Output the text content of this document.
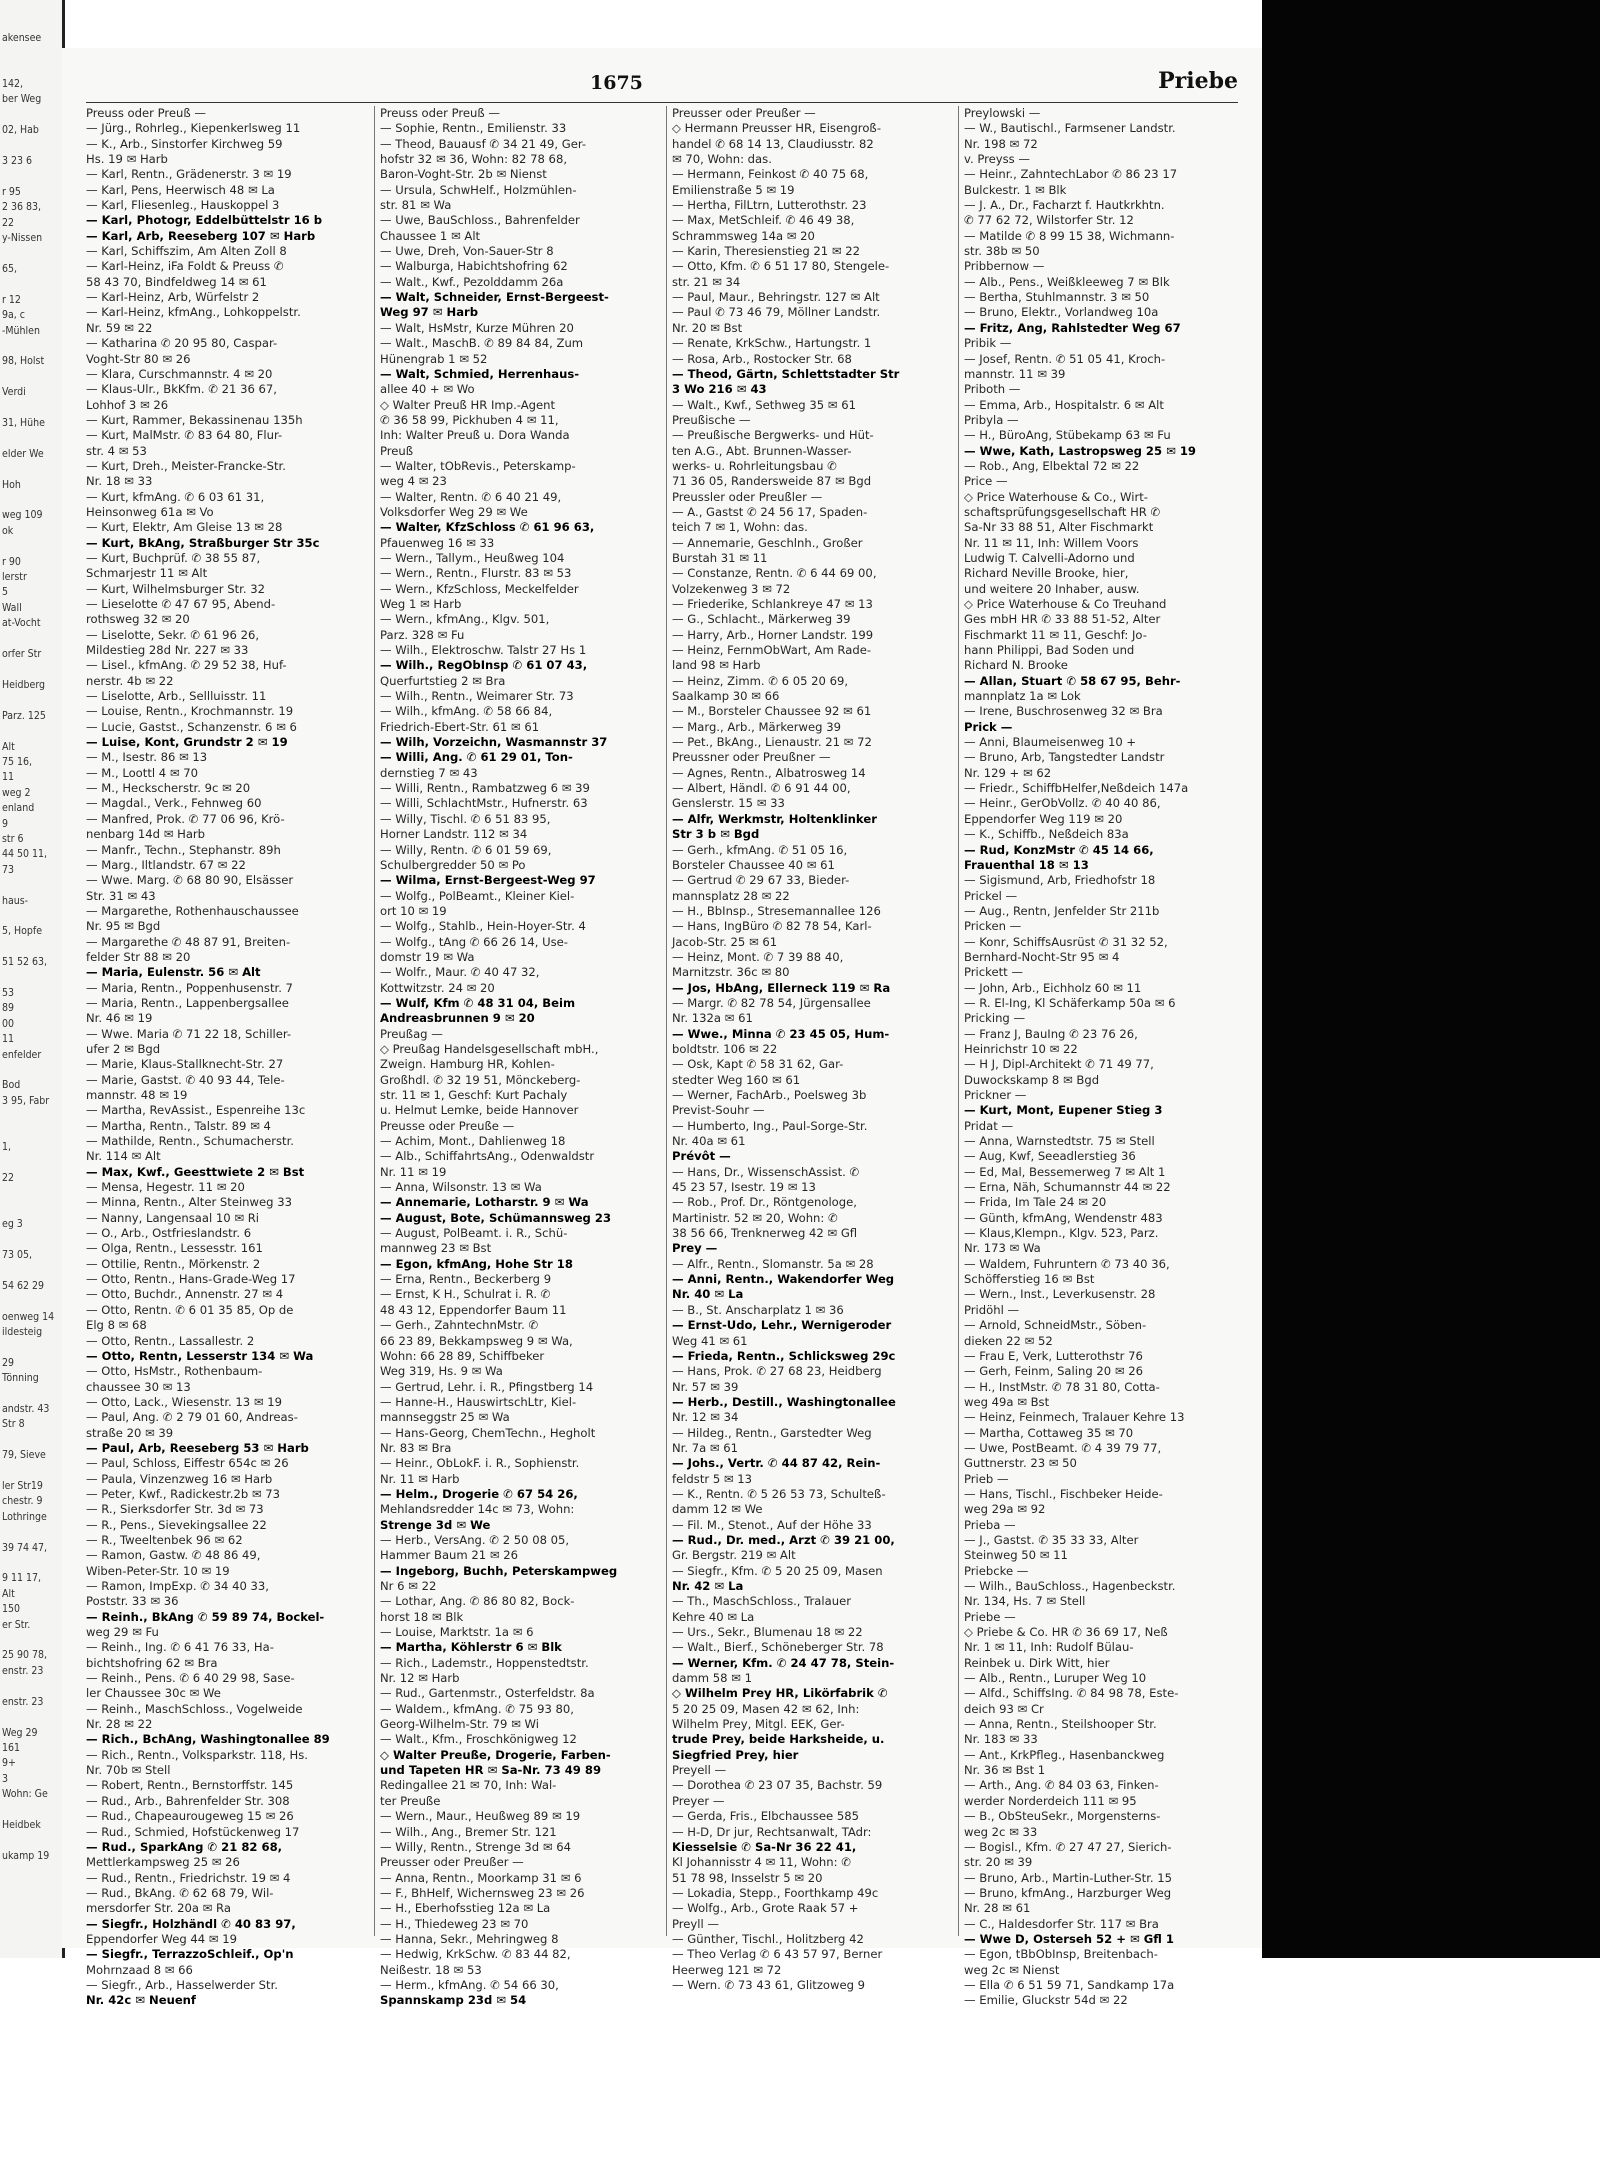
akensee

142,
ber Weg

02, Hab

3 23 6

r 95
2 36 83,
22
y-Nissen

65,

r 12
9a, c
-Mühlen

98, Holst

Verdi

31, Hühe

elder We

Hoh

weg 109
ok

r 90
lerstr
5
Wall
at-Vocht

orfer Str

Heidberg

Parz. 125

Alt
75 16,
11
weg 2
enland
9
str 6
44 50 11,
73

haus-

5, Hopfe

51 52 63,

53
89
00
11
enfelder

Bod
3 95, Fabr

1,

22

eg 3

73 05,

54 62 29

oenweg 14
ildesteig

29
Tönning

andstr. 43
Str 8

79, Sieve

ler Str19
chestr. 9
Lothringe

39 74 47,

9 11 17,
Alt
150
er Str.

25 90 78,
enstr. 23

enstr. 23

Weg 29
161
9+
3
Wohn: Ge

Heidbek

ukamp 19
1675	Priebe
Preuss oder Preuß —
— Jürg., Rohrleg., Kiepenkerlsweg 11
— K., Arb., Sinstorfer Kirchweg 59
Hs. 19 ✉ Harb
— Karl, Rentn., Grädenerstr. 3 ✉ 19
— Karl, Pens, Heerwisch 48 ✉ La
— Karl, Fliesenleg., Hauskoppel 3
— Karl, Photogr, Eddelbüttelstr 16 b
— Karl, Arb, Reeseberg 107 ✉ Harb
— Karl, Schiffszim, Am Alten Zoll 8
— Karl-Heinz, iFa Foldt & Preuss ✆
58 43 70, Bindfeldweg 14 ✉ 61
— Karl-Heinz, Arb, Würfelstr 2
— Karl-Heinz, kfmAng., Lohkoppelstr.
Nr. 59 ✉ 22
— Katharina ✆ 20 95 80, Caspar-
Voght-Str 80 ✉ 26
— Klara, Curschmannstr. 4 ✉ 20
— Klaus-Ulr., BkKfm. ✆ 21 36 67,
Lohhof 3 ✉ 26
— Kurt, Rammer, Bekassinenau 135h
— Kurt, MalMstr. ✆ 83 64 80, Flur-
str. 4 ✉ 53
— Kurt, Dreh., Meister-Francke-Str.
Nr. 18 ✉ 33
— Kurt, kfmAng. ✆ 6 03 61 31,
Heinsonweg 61a ✉ Vo
— Kurt, Elektr, Am Gleise 13 ✉ 28
— Kurt, BkAng, Straßburger Str 35c
— Kurt, Buchprüf. ✆ 38 55 87,
Schmarjestr 11 ✉ Alt
— Kurt, Wilhelmsburger Str. 32
— Lieselotte ✆ 47 67 95, Abend-
rothsweg 32 ✉ 20
— Liselotte, Sekr. ✆ 61 96 26,
Mildestieg 28d Nr. 227 ✉ 33
— Lisel., kfmAng. ✆ 29 52 38, Huf-
nerstr. 4b ✉ 22
— Liselotte, Arb., Sellluisstr. 11
— Louise, Rentn., Krochmannstr. 19
— Lucie, Gastst., Schanzenstr. 6 ✉ 6
— Luise, Kont, Grundstr 2 ✉ 19
— M., Isestr. 86 ✉ 13
— M., Loottl 4 ✉ 70
— M., Heckscherstr. 9c ✉ 20
— Magdal., Verk., Fehnweg 60
— Manfred, Prok. ✆ 77 06 96, Krö-
nenbarg 14d ✉ Harb
— Manfr., Techn., Stephanstr. 89h
— Marg., Iltlandstr. 67 ✉ 22
— Wwe. Marg. ✆ 68 80 90, Elsässer
Str. 31 ✉ 43
— Margarethe, Rothenhauschaussee
Nr. 95 ✉ Bgd
— Margarethe ✆ 48 87 91, Breiten-
felder Str 88 ✉ 20
— Maria, Eulenstr. 56 ✉ Alt
— Maria, Rentn., Poppenhusenstr. 7
— Maria, Rentn., Lappenbergsallee
Nr. 46 ✉ 19
— Wwe. Maria ✆ 71 22 18, Schiller-
ufer 2 ✉ Bgd
— Marie, Klaus-Stallknecht-Str. 27
— Marie, Gastst. ✆ 40 93 44, Tele-
mannstr. 48 ✉ 19
— Martha, RevAssist., Espenreihe 13c
— Martha, Rentn., Talstr. 89 ✉ 4
— Mathilde, Rentn., Schumacherstr.
Nr. 114 ✉ Alt
— Max, Kwf., Geesttwiete 2 ✉ Bst
— Mensa, Hegestr. 11 ✉ 20
— Minna, Rentn., Alter Steinweg 33
— Nanny, Langensaal 10 ✉ Ri
— O., Arb., Ostfrieslandstr. 6
— Olga, Rentn., Lessesstr. 161
— Ottilie, Rentn., Mörkenstr. 2
— Otto, Rentn., Hans-Grade-Weg 17
— Otto, Buchdr., Annenstr. 27 ✉ 4
— Otto, Rentn. ✆ 6 01 35 85, Op de
Elg 8 ✉ 68
— Otto, Rentn., Lassallestr. 2
— Otto, Rentn, Lesserstr 134 ✉ Wa
— Otto, HsMstr., Rothenbaum-
chaussee 30 ✉ 13
— Otto, Lack., Wiesenstr. 13 ✉ 19
— Paul, Ang. ✆ 2 79 01 60, Andreas-
straße 20 ✉ 39
— Paul, Arb, Reeseberg 53 ✉ Harb
— Paul, Schloss, Eiffestr 654c ✉ 26
— Paula, Vinzenzweg 16 ✉ Harb
— Peter, Kwf., Radickestr.2b ✉ 73
— R., Sierksdorfer Str. 3d ✉ 73
— R., Pens., Sievekingsallee 22
— R., Tweeltenbek 96 ✉ 62
— Ramon, Gastw. ✆ 48 86 49,
Wiben-Peter-Str. 10 ✉ 19
— Ramon, ImpExp. ✆ 34 40 33,
Poststr. 33 ✉ 36
— Reinh., BkAng ✆ 59 89 74, Bockel-
weg 29 ✉ Fu
— Reinh., Ing. ✆ 6 41 76 33, Ha-
bichtshofring 62 ✉ Bra
— Reinh., Pens. ✆ 6 40 29 98, Sase-
ler Chaussee 30c ✉ We
— Reinh., MaschSchloss., Vogelweide
Nr. 28 ✉ 22
— Rich., BchAng, Washingtonallee 89
— Rich., Rentn., Volksparkstr. 118, Hs.
Nr. 70b ✉ Stell
— Robert, Rentn., Bernstorffstr. 145
— Rud., Arb., Bahrenfelder Str. 308
— Rud., Chapeaurougeweg 15 ✉ 26
— Rud., Schmied, Hofstückenweg 17
— Rud., SparkAng ✆ 21 82 68,
Mettlerkampsweg 25 ✉ 26
— Rud., Rentn., Friedrichstr. 19 ✉ 4
— Rud., BkAng. ✆ 62 68 79, Wil-
mersdorfer Str. 20a ✉ Ra
— Siegfr., Holzhändl ✆ 40 83 97,
Eppendorfer Weg 44 ✉ 19
— Siegfr., TerrazzoSchleif., Op'n
Mohrnzaad 8 ✉ 66
— Siegfr., Arb., Hasselwerder Str.
Nr. 42c ✉ Neuenf
Preuss oder Preuß —
— Sophie, Rentn., Emilienstr. 33
— Theod, Bauausf ✆ 34 21 49, Ger-
hofstr 32 ✉ 36, Wohn: 82 78 68,
Baron-Voght-Str. 2b ✉ Nienst
— Ursula, SchwHelf., Holzmühlen-
str. 81 ✉ Wa
— Uwe, BauSchloss., Bahrenfelder
Chaussee 1 ✉ Alt
— Uwe, Dreh, Von-Sauer-Str 8
— Walburga, Habichtshofring 62
— Walt., Kwf., Pezolddamm 26a
— Walt, Schneider, Ernst-Bergeest-
Weg 97 ✉ Harb
— Walt, HsMstr, Kurze Mühren 20
— Walt., MaschB. ✆ 89 84 84, Zum
Hünengrab 1 ✉ 52
— Walt, Schmied, Herrenhaus-
allee 40 + ✉ Wo
◇ Walter Preuß HR Imp.-Agent
✆ 36 58 99, Pickhuben 4 ✉ 11,
Inh: Walter Preuß u. Dora Wanda
Preuß
— Walter, tObRevis., Peterskamp-
weg 4 ✉ 23
— Walter, Rentn. ✆ 6 40 21 49,
Volksdorfer Weg 29 ✉ We
— Walter, KfzSchloss ✆ 61 96 63,
Pfauenweg 16 ✉ 33
— Wern., Tallym., Heußweg 104
— Wern., Rentn., Flurstr. 83 ✉ 53
— Wern., KfzSchloss, Meckelfelder
Weg 1 ✉ Harb
— Wern., kfmAng., Klgv. 501,
Parz. 328 ✉ Fu
— Wilh., Elektroschw. Talstr 27 Hs 1
— Wilh., RegObInsp ✆ 61 07 43,
Querfurtstieg 2 ✉ Bra
— Wilh., Rentn., Weimarer Str. 73
— Wilh., kfmAng. ✆ 58 66 84,
Friedrich-Ebert-Str. 61 ✉ 61
— Wilh, Vorzeichn, Wasmannstr 37
— Willi, Ang. ✆ 61 29 01, Ton-
dernstieg 7 ✉ 43
— Willi, Rentn., Rambatzweg 6 ✉ 39
— Willi, SchlachtMstr., Hufnerstr. 63
— Willy, Tischl. ✆ 6 51 83 95,
Horner Landstr. 112 ✉ 34
— Willy, Rentn. ✆ 6 01 59 69,
Schulbergredder 50 ✉ Po
— Wilma, Ernst-Bergeest-Weg 97
— Wolfg., PolBeamt., Kleiner Kiel-
ort 10 ✉ 19
— Wolfg., Stahlb., Hein-Hoyer-Str. 4
— Wolfg., tAng ✆ 66 26 14, Use-
domstr 19 ✉ Wa
— Wolfr., Maur. ✆ 40 47 32,
Kottwitzstr. 24 ✉ 20
— Wulf, Kfm ✆ 48 31 04, Beim
Andreasbrunnen 9 ✉ 20
Preußag —
◇ Preußag Handelsgesellschaft mbH.,
Zweign. Hamburg HR, Kohlen-
Großhdl. ✆ 32 19 51, Mönckeberg-
str. 11 ✉ 1, Geschf: Kurt Pachaly
u. Helmut Lemke, beide Hannover
Preusse oder Preuße —
— Achim, Mont., Dahlienweg 18
— Alb., SchiffahrtsAng., Odenwaldstr
Nr. 11 ✉ 19
— Anna, Wilsonstr. 13 ✉ Wa
— Annemarie, Lotharstr. 9 ✉ Wa
— August, Bote, Schümannsweg 23
— August, PolBeamt. i. R., Schü-
mannweg 23 ✉ Bst
— Egon, kfmAng, Hohe Str 18
— Erna, Rentn., Beckerberg 9
— Ernst, K H., Schulrat i. R. ✆
48 43 12, Eppendorfer Baum 11
— Gerh., ZahntechnMstr. ✆
66 23 89, Bekkampsweg 9 ✉ Wa,
Wohn: 66 28 89, Schiffbeker
Weg 319, Hs. 9 ✉ Wa
— Gertrud, Lehr. i. R., Pfingstberg 14
— Hanne-H., HauswirtschLtr, Kiel-
mannseggstr 25 ✉ Wa
— Hans-Georg, ChemTechn., Hegholt
Nr. 83 ✉ Bra
— Heinr., ObLokF. i. R., Sophienstr.
Nr. 11 ✉ Harb
— Helm., Drogerie ✆ 67 54 26,
Mehlandsredder 14c ✉ 73, Wohn:
Strenge 3d ✉ We
— Herb., VersAng. ✆ 2 50 08 05,
Hammer Baum 21 ✉ 26
— Ingeborg, Buchh, Peterskampweg
Nr 6 ✉ 22
— Lothar, Ang. ✆ 86 80 82, Bock-
horst 18 ✉ Blk
— Louise, Marktstr. 1a ✉ 6
— Martha, Köhlerstr 6 ✉ Blk
— Rich., Lademstr., Hoppenstedtstr.
Nr. 12 ✉ Harb
— Rud., Gartenmstr., Osterfeldstr. 8a
— Waldem., kfmAng. ✆ 75 93 80,
Georg-Wilhelm-Str. 79 ✉ Wi
— Walt., Kfm., Froschkönigweg 12
◇ Walter Preuße, Drogerie, Farben-
und Tapeten HR ✉ Sa-Nr. 73 49 89
Redingallee 21 ✉ 70, Inh: Wal-
ter Preuße
— Wern., Maur., Heußweg 89 ✉ 19
— Wilh., Ang., Bremer Str. 121
— Willy, Rentn., Strenge 3d ✉ 64
Preusser oder Preußer —
— Anna, Rentn., Moorkamp 31 ✉ 6
— F., BhHelf, Wichernsweg 23 ✉ 26
— H., Eberhofsstieg 12a ✉ La
— H., Thiedeweg 23 ✉ 70
— Hanna, Sekr., Mehringweg 8
— Hedwig, KrkSchw. ✆ 83 44 82,
Neißestr. 18 ✉ 53
— Herm., kfmAng. ✆ 54 66 30,
Spannskamp 23d ✉ 54
Preusser oder Preußer —
◇ Hermann Preusser HR, Eisengroß-
handel ✆ 68 14 13, Claudiusstr. 82
✉ 70, Wohn: das.
— Hermann, Feinkost ✆ 40 75 68,
Emilienstraße 5 ✉ 19
— Hertha, FilLtrn, Lutterothstr. 23
— Max, MetSchleif. ✆ 46 49 38,
Schrammsweg 14a ✉ 20
— Karin, Theresienstieg 21 ✉ 22
— Otto, Kfm. ✆ 6 51 17 80, Stengele-
str. 21 ✉ 34
— Paul, Maur., Behringstr. 127 ✉ Alt
— Paul ✆ 73 46 79, Möllner Landstr.
Nr. 20 ✉ Bst
— Renate, KrkSchw., Hartungstr. 1
— Rosa, Arb., Rostocker Str. 68
— Theod, Gärtn, Schlettstadter Str
3 Wo 216 ✉ 43
— Walt., Kwf., Sethweg 35 ✉ 61
Preußische —
— Preußische Bergwerks- und Hüt-
ten A.G., Abt. Brunnen-Wasser-
werks- u. Rohrleitungsbau ✆
71 36 05, Randersweide 87 ✉ Bgd
Preussler oder Preußler —
— A., Gastst ✆ 24 56 17, Spaden-
teich 7 ✉ 1, Wohn: das.
— Annemarie, Geschlnh., Großer
Burstah 31 ✉ 11
— Constanze, Rentn. ✆ 6 44 69 00,
Volzekenweg 3 ✉ 72
— Friederike, Schlankreye 47 ✉ 13
— G., Schlacht., Märkerweg 39
— Harry, Arb., Horner Landstr. 199
— Heinz, FernmObWart, Am Rade-
land 98 ✉ Harb
— Heinz, Zimm. ✆ 6 05 20 69,
Saalkamp 30 ✉ 66
— M., Borsteler Chaussee 92 ✉ 61
— Marg., Arb., Märkerweg 39
— Pet., BkAng., Lienaustr. 21 ✉ 72
Preussner oder Preußner —
— Agnes, Rentn., Albatrosweg 14
— Albert, Händl. ✆ 6 91 44 00,
Genslerstr. 15 ✉ 33
— Alfr, Werkmstr, Holtenklinker
Str 3 b ✉ Bgd
— Gerh., kfmAng. ✆ 51 05 16,
Borsteler Chaussee 40 ✉ 61
— Gertrud ✆ 29 67 33, Bieder-
mannsplatz 28 ✉ 22
— H., BbInsp., Stresemannallee 126
— Hans, IngBüro ✆ 82 78 54, Karl-
Jacob-Str. 25 ✉ 61
— Heinz, Mont. ✆ 7 39 88 40,
Marnitzstr. 36c ✉ 80
— Jos, HbAng, Ellerneck 119 ✉ Ra
— Margr. ✆ 82 78 54, Jürgensallee
Nr. 132a ✉ 61
— Wwe., Minna ✆ 23 45 05, Hum-
boldtstr. 106 ✉ 22
— Osk, Kapt ✆ 58 31 62, Gar-
stedter Weg 160 ✉ 61
— Werner, FachArb., Poelsweg 3b
Previst-Souhr —
— Humberto, Ing., Paul-Sorge-Str.
Nr. 40a ✉ 61
Prévôt —
— Hans, Dr., WissenschAssist. ✆
45 23 57, Isestr. 19 ✉ 13
— Rob., Prof. Dr., Röntgenologe,
Martinistr. 52 ✉ 20, Wohn: ✆
38 56 66, Trenknerweg 42 ✉ Gfl
Prey —
— Alfr., Rentn., Slomanstr. 5a ✉ 28
— Anni, Rentn., Wakendorfer Weg
Nr. 40 ✉ La
— B., St. Anscharplatz 1 ✉ 36
— Ernst-Udo, Lehr., Wernigeroder
Weg 41 ✉ 61
— Frieda, Rentn., Schlicksweg 29c
— Hans, Prok. ✆ 27 68 23, Heidberg
Nr. 57 ✉ 39
— Herb., Destill., Washingtonallee
Nr. 12 ✉ 34
— Hildeg., Rentn., Garstedter Weg
Nr. 7a ✉ 61
— Johs., Vertr. ✆ 44 87 42, Rein-
feldstr 5 ✉ 13
— K., Rentn. ✆ 5 26 53 73, Schulteß-
damm 12 ✉ We
— Fil. M., Stenot., Auf der Höhe 33
— Rud., Dr. med., Arzt ✆ 39 21 00,
Gr. Bergstr. 219 ✉ Alt
— Siegfr., Kfm. ✆ 5 20 25 09, Masen
Nr. 42 ✉ La
— Th., MaschSchloss., Tralauer
Kehre 40 ✉ La
— Urs., Sekr., Blumenau 18 ✉ 22
— Walt., Bierf., Schöneberger Str. 78
— Werner, Kfm. ✆ 24 47 78, Stein-
damm 58 ✉ 1
◇ Wilhelm Prey HR, Likörfabrik ✆
5 20 25 09, Masen 42 ✉ 62, Inh:
Wilhelm Prey, Mitgl. EEK, Ger-
trude Prey, beide Harksheide, u.
Siegfried Prey, hier
Preyell —
— Dorothea ✆ 23 07 35, Bachstr. 59
Preyer —
— Gerda, Fris., Elbchaussee 585
— H-D, Dr jur, Rechtsanwalt, TAdr:
Kiesselsie ✆ Sa-Nr 36 22 41,
Kl Johannisstr 4 ✉ 11, Wohn: ✆
51 78 98, Insselstr 5 ✉ 20
— Lokadia, Stepp., Foorthkamp 49c
— Wolfg., Arb., Grote Raak 57 +
Preyll —
— Günther, Tischl., Holitzberg 42
— Theo Verlag ✆ 6 43 57 97, Berner
Heerweg 121 ✉ 72
— Wern. ✆ 73 43 61, Glitzoweg 9
Preylowski —
— W., Bautischl., Farmsener Landstr.
Nr. 198 ✉ 72
v. Preyss —
— Heinr., ZahntechLabor ✆ 86 23 17
Bulckestr. 1 ✉ Blk
— J. A., Dr., Facharzt f. Hautkrkhtn.
✆ 77 62 72, Wilstorfer Str. 12
— Matilde ✆ 8 99 15 38, Wichmann-
str. 38b ✉ 50
Pribbernow —
— Alb., Pens., Weißkleeweg 7 ✉ Blk
— Bertha, Stuhlmannstr. 3 ✉ 50
— Bruno, Elektr., Vorlandweg 10a
— Fritz, Ang, Rahlstedter Weg 67
Pribik —
— Josef, Rentn. ✆ 51 05 41, Kroch-
mannstr. 11 ✉ 39
Priboth —
— Emma, Arb., Hospitalstr. 6 ✉ Alt
Pribyla —
— H., BüroAng, Stübekamp 63 ✉ Fu
— Wwe, Kath, Lastropsweg 25 ✉ 19
— Rob., Ang, Elbektal 72 ✉ 22
Price —
◇ Price Waterhouse & Co., Wirt-
schaftsprüfungsgesellschaft HR ✆
Sa-Nr 33 88 51, Alter Fischmarkt
Nr. 11 ✉ 11, Inh: Willem Voors
Ludwig T. Calvelli-Adorno und
Richard Neville Brooke, hier,
und weitere 20 Inhaber, ausw.
◇ Price Waterhouse & Co Treuhand
Ges mbH HR ✆ 33 88 51-52, Alter
Fischmarkt 11 ✉ 11, Geschf: Jo-
hann Philippi, Bad Soden und
Richard N. Brooke
— Allan, Stuart ✆ 58 67 95, Behr-
mannplatz 1a ✉ Lok
— Irene, Buschrosenweg 32 ✉ Bra
Prick —
— Anni, Blaumeisenweg 10 +
— Bruno, Arb, Tangstedter Landstr
Nr. 129 + ✉ 62
— Friedr., SchiffbHelfer,Neßdeich 147a
— Heinr., GerObVollz. ✆ 40 40 86,
Eppendorfer Weg 119 ✉ 20
— K., Schiffb., Neßdeich 83a
— Rud, KonzMstr ✆ 45 14 66,
Frauenthal 18 ✉ 13
— Sigismund, Arb, Friedhofstr 18
Prickel —
— Aug., Rentn, Jenfelder Str 211b
Pricken —
— Konr, SchiffsAusrüst ✆ 31 32 52,
Bernhard-Nocht-Str 95 ✉ 4
Prickett —
— John, Arb., Eichholz 60 ✉ 11
— R. El-Ing, Kl Schäferkamp 50a ✉ 6
Pricking —
— Franz J, BauIng ✆ 23 76 26,
Heinrichstr 10 ✉ 22
— H J, Dipl-Architekt ✆ 71 49 77,
Duwockskamp 8 ✉ Bgd
Prickner —
— Kurt, Mont, Eupener Stieg 3
Pridat —
— Anna, Warnstedtstr. 75 ✉ Stell
— Aug, Kwf, Seeadlerstieg 36
— Ed, Mal, Bessemerweg 7 ✉ Alt 1
— Erna, Näh, Schumannstr 44 ✉ 22
— Frida, Im Tale 24 ✉ 20
— Günth, kfmAng, Wendenstr 483
— Klaus,Klempn., Klgv. 523, Parz.
Nr. 173 ✉ Wa
— Waldem, Fuhruntern ✆ 73 40 36,
Schöfferstieg 16 ✉ Bst
— Wern., Inst., Leverkusenstr. 28
Pridöhl —
— Arnold, SchneidMstr., Söben-
dieken 22 ✉ 52
— Frau E, Verk, Lutterothstr 76
— Gerh, Feinm, Saling 20 ✉ 26
— H., InstMstr. ✆ 78 31 80, Cotta-
weg 49a ✉ Bst
— Heinz, Feinmech, Tralauer Kehre 13
— Martha, Cottaweg 35 ✉ 70
— Uwe, PostBeamt. ✆ 4 39 79 77,
Guttnerstr. 23 ✉ 50
Prieb —
— Hans, Tischl., Fischbeker Heide-
weg 29a ✉ 92
Prieba —
— J., Gastst. ✆ 35 33 33, Alter
Steinweg 50 ✉ 11
Priebcke —
— Wilh., BauSchloss., Hagenbeckstr.
Nr. 134, Hs. 7 ✉ Stell
Priebe —
◇ Priebe & Co. HR ✆ 36 69 17, Neß
Nr. 1 ✉ 11, Inh: Rudolf Bülau-
Reinbek u. Dirk Witt, hier
— Alb., Rentn., Luruper Weg 10
— Alfd., SchiffsIng. ✆ 84 98 78, Este-
deich 93 ✉ Cr
— Anna, Rentn., Steilshooper Str.
Nr. 183 ✉ 33
— Ant., KrkPfleg., Hasenbanckweg
Nr. 36 ✉ Bst 1
— Arth., Ang. ✆ 84 03 63, Finken-
werder Norderdeich 111 ✉ 95
— B., ObSteuSekr., Morgensterns-
weg 2c ✉ 33
— Bogisl., Kfm. ✆ 27 47 27, Sierich-
str. 20 ✉ 39
— Bruno, Arb., Martin-Luther-Str. 15
— Bruno, kfmAng., Harzburger Weg
Nr. 28 ✉ 61
— C., Haldesdorfer Str. 117 ✉ Bra
— Wwe D, Osterseh 52 + ✉ Gfl 1
— Egon, tBbObInsp, Breitenbach-
weg 2c ✉ Nienst
— Ella ✆ 6 51 59 71, Sandkamp 17a
— Emilie, Gluckstr 54d ✉ 22
